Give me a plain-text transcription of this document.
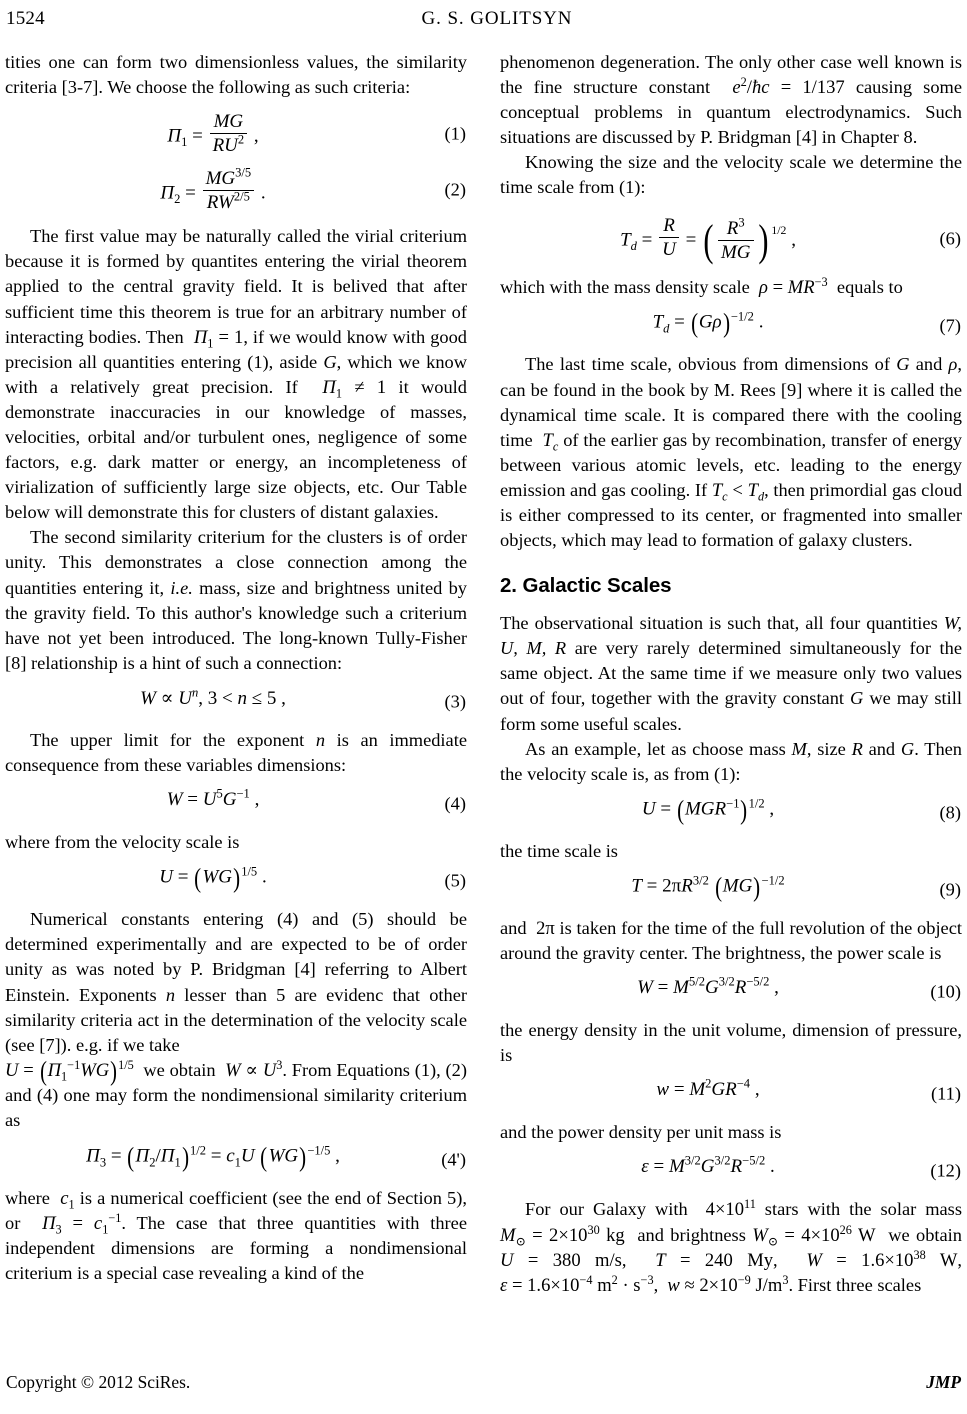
1524	G. S. GOLITSYN

tities one can form two dimensionless values, the similarity criteria [3-7]. We choose the following as such criteria:

$\Pi_1 = \frac{MG}{RU^2}$ ,	(1)
$\Pi_2 = \frac{MG^{3/5}}{RW^{2/5}}$ .	(2)

The first value may be naturally called the virial criterium because it is formed by quantites entering the virial theorem applied to the central gravity field. It is belived that after sufficient time this theorem is true for an arbitrary number of interacting bodies. Then $\Pi_1 = 1$, if we would know with good precision all quantities entering (1), aside G, which we know with a relatively great precision. If $\Pi_1 \ne 1$ it would demonstrate inaccuracies in our knowledge of masses, velocities, orbital and/or turbulent ones, negligence of some factors, e.g. dark matter or energy, an incompleteness of virialization of sufficiently large size objects, etc. Our Table below will demonstrate this for clusters of distant galaxies.

The second similarity criterium for the clusters is of order unity. This demonstrates a close connection among the quantities entering it, i.e. mass, size and brightness united by the gravity field. To this author's knowledge such a criterium have not yet been introduced. The long-known Tully-Fisher [8] relationship is a hint of such a connection:

$W \propto U^n$, 3 < n ≤ 5 ,	(3)

The upper limit for the exponent n is an immediate consequence from these variables dimensions:

$W = U^5G^{-1}$ ,	(4)

where from the velocity scale is

U = (WG)$^{1/5}$ .	(5)

Numerical constants entering (4) and (5) should be determined experimentally and are expected to be of order unity as was noted by P. Bridgman [4] referring to Albert Einstein. Exponents n lesser than 5 are evidenc that other similarity criteria act in the determination of the velocity scale (see [7]). e.g. if we take

$U = (\Pi_1^{-1}WG)^{1/5}$ we obtain $W \propto U^3$. From Equations (1), (2) and (4) one may form the nondimensional similarity criterium as

$\Pi_3 = (\Pi_2/\Pi_1)^{1/2} = c_1U$ (WG)$^{-1/5}$ ,	(4')

where $c_1$ is a numerical coefficient (see the end of Section 5), or $\Pi_3 = c_1^{-1}$. The case that three quantities with three independent dimensions are forming a nondimensional criterium is a special case revealing a kind of the

phenomenon degeneration. The only other case well known is the fine structure constant $e^2/ħc = 1/137$ causing some conceptual problems in quantum electrodynamics. Such situations are discussed by P. Bridgman [4] in Chapter 8.

Knowing the size and the velocity scale we determine the time scale from (1):

$T_d = \frac{R}{U}$ = ( $\frac{R^3}{MG}$ ) $^{1/2}$ ,	(6)

which with the mass density scale $\rho = MR^{-3}$ equals to

$T_d = (G\rho)^{-1/2}$ .	(7)

The last time scale, obvious from dimensions of G and ρ, can be found in the book by M. Rees [9] where it is called the dynamical time scale. It is compared there with the cooling time $T_c$ of the earlier gas by recombination, transfer of energy between various atomic levels, etc. leading to the energy emission and gas cooling. If $T_c < T_d$, then primordial gas cloud is either compressed to its center, or fragmented into smaller objects, which may lead to formation of galaxy clusters.

2. Galactic Scales

The observational situation is such that, all four quantities W, U, M, R are very rarely determined simultaneously for the same object. At the same time if we measure only two values out of four, together with the gravity constant G we may still form some useful scales.

As an example, let as choose mass M, size R and G. Then the velocity scale is, as from (1):

$U = (MGR^{-1})^{1/2}$ ,	(8)

the time scale is

$T = 2\pi R^{3/2}$ (MG)$^{-1/2}$	(9)

and  2π is taken for the time of the full revolution of the object around the gravity center. The brightness, the power scale is

$W = M^{5/2}G^{3/2}R^{-5/2}$ ,	(10)

the energy density in the unit volume, dimension of pressure, is

$w = M^2GR^{-4}$ ,	(11)

and the power density per unit mass is

$\varepsilon = M^{3/2}G^{3/2}R^{-5/2}$ .	(12)

For our Galaxy with  $4\times 10^{11}$ stars with the solar mass $M_⊙ = 2\times 10^{30}$ kg and brightness $W_⊙ = 4\times 10^{26}$ W we obtain U = 380 m/s,  T = 240 My,  $W = 1.6\times 10^{38}$ W, $\varepsilon = 1.6\times 10^{-4}$ $m^2 \cdot s^{-3}$,  $w \approx 2\times 10^{-9}$ $J/m^3$. First three scales

Copyright © 2012 SciRes.	JMP
